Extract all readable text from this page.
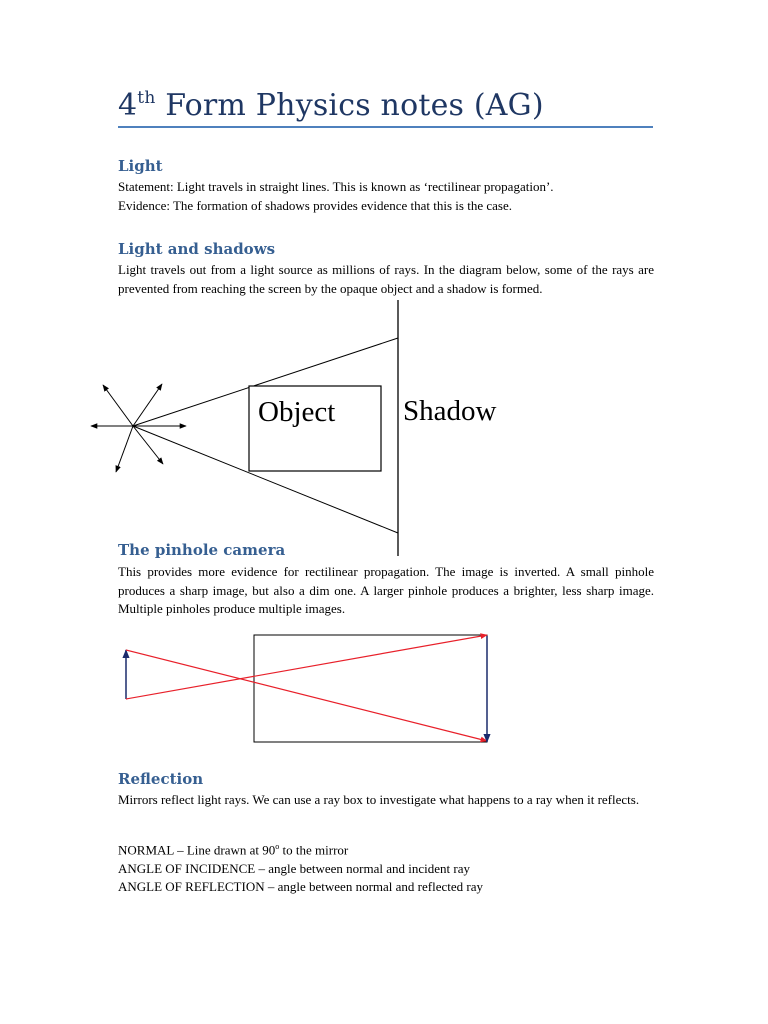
4th Form Physics notes (AG)
Light
Statement: Light travels in straight lines. This is known as ‘rectilinear propagation’.
Evidence: The formation of shadows provides evidence that this is the case.
Light and shadows
Light travels out from a light source as millions of rays. In the diagram below, some of the rays are prevented from reaching the screen by the opaque object and a shadow is formed.
Object Shadow
The pinhole camera
This provides more evidence for rectilinear propagation. The image is inverted. A small pinhole produces a sharp image, but also a dim one. A larger pinhole produces a brighter, less sharp image. Multiple pinholes produce multiple images.
Reflection
Mirrors reflect light rays. We can use a ray box to investigate what happens to a ray when it reflects.
NORMAL – Line drawn at 90$^o$ to the mirror
ANGLE OF INCIDENCE – angle between normal and incident ray
ANGLE OF REFLECTION – angle between normal and reflected ray
